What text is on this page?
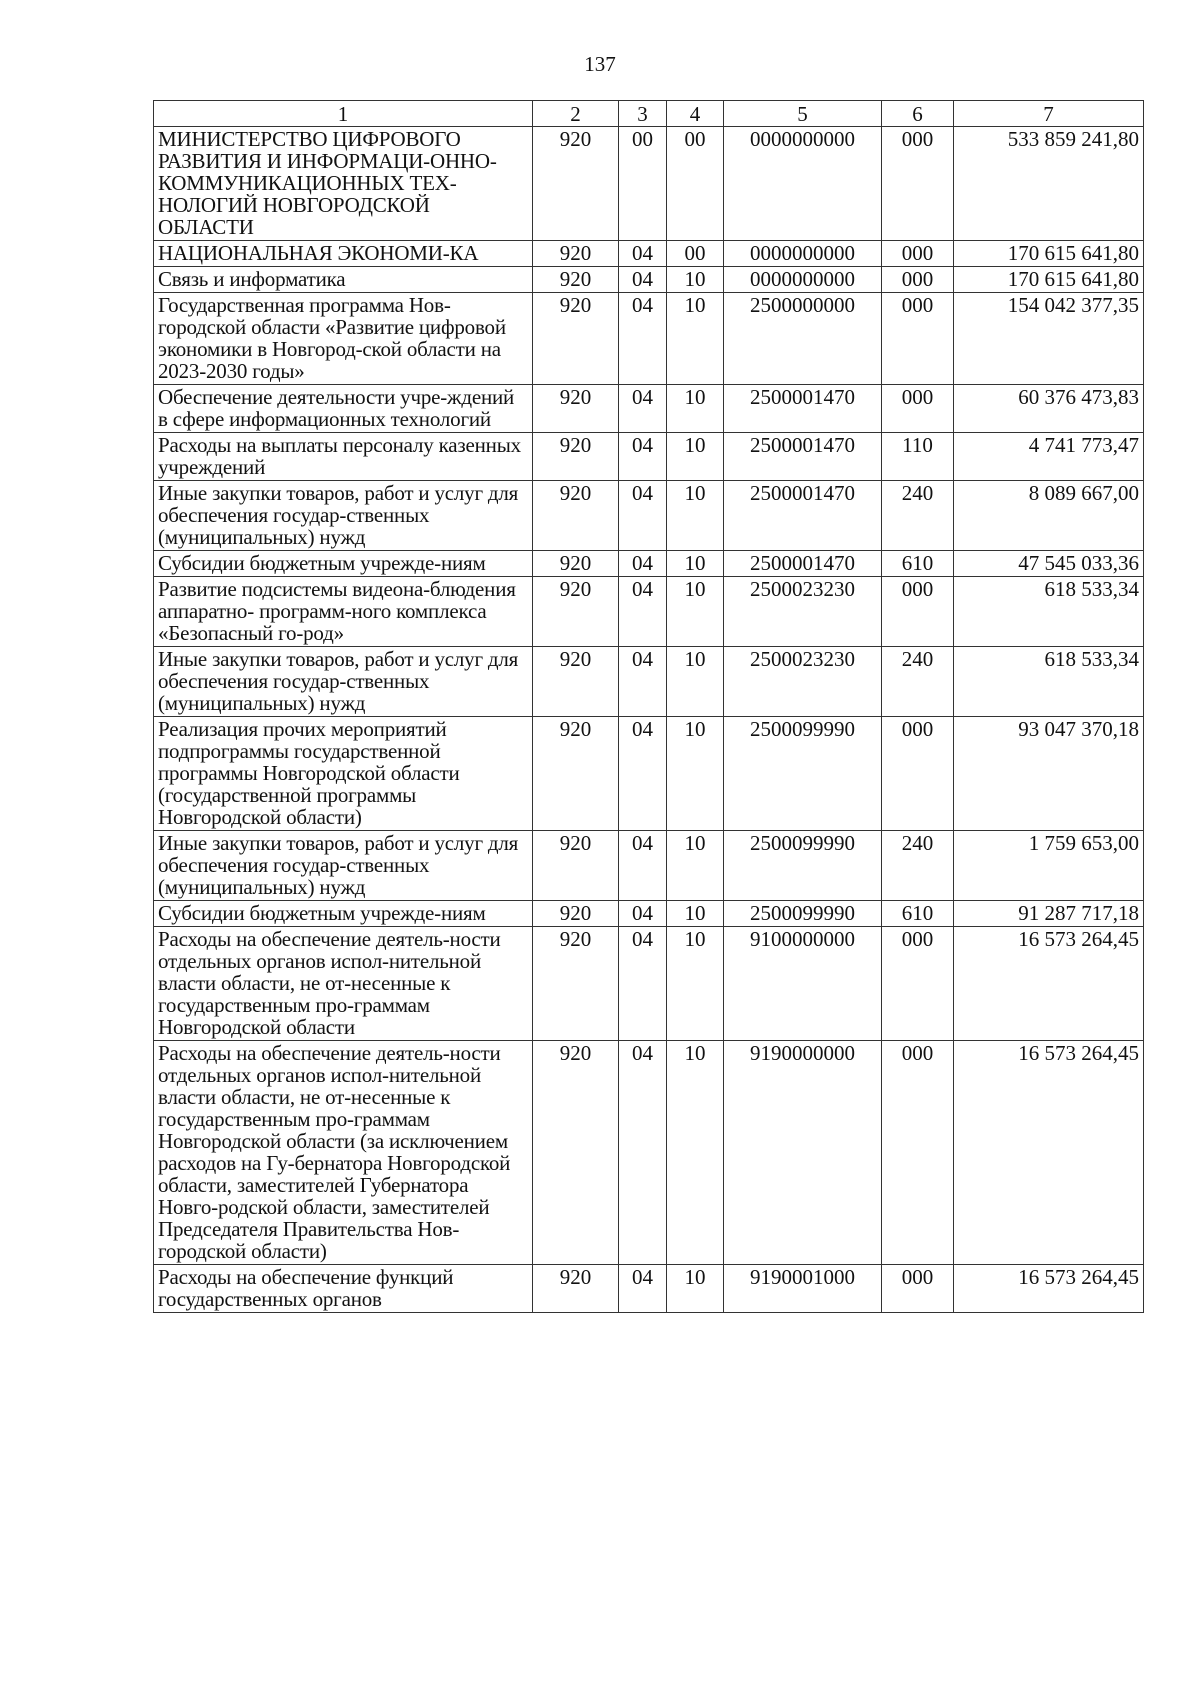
137
1	2	3	4	5	6	7
МИНИСТЕРСТВО ЦИФРОВОГО РАЗВИТИЯ И ИНФОРМАЦИ-ОННО-КОММУНИКАЦИОННЫХ ТЕХ-НОЛОГИЙ НОВГОРОДСКОЙ ОБЛАСТИ	920	00	00	0000000000	000	533 859 241,80
НАЦИОНАЛЬНАЯ ЭКОНОМИ-КА	920	04	00	0000000000	000	170 615 641,80
Связь и информатика	920	04	10	0000000000	000	170 615 641,80
Государственная программа Нов-городской области «Развитие цифровой экономики в Новгород-ской области на 2023-2030 годы»	920	04	10	2500000000	000	154 042 377,35
Обеспечение деятельности учре-ждений в сфере информационных технологий	920	04	10	2500001470	000	60 376 473,83
Расходы на выплаты персоналу казенных учреждений	920	04	10	2500001470	110	4 741 773,47
Иные закупки товаров, работ и услуг для обеспечения государ-ственных (муниципальных) нужд	920	04	10	2500001470	240	8 089 667,00
Субсидии бюджетным учрежде-ниям	920	04	10	2500001470	610	47 545 033,36
Развитие подсистемы видеона-блюдения аппаратно- программ-ного комплекса «Безопасный го-род»	920	04	10	2500023230	000	618 533,34
Иные закупки товаров, работ и услуг для обеспечения государ-ственных (муниципальных) нужд	920	04	10	2500023230	240	618 533,34
Реализация прочих мероприятий подпрограммы государственной программы Новгородской области (государственной программы Новгородской области)	920	04	10	2500099990	000	93 047 370,18
Иные закупки товаров, работ и услуг для обеспечения государ-ственных (муниципальных) нужд	920	04	10	2500099990	240	1 759 653,00
Субсидии бюджетным учрежде-ниям	920	04	10	2500099990	610	91 287 717,18
Расходы на обеспечение деятель-ности отдельных органов испол-нительной власти области, не от-несенные к государственным про-граммам Новгородской области	920	04	10	9100000000	000	16 573 264,45
Расходы на обеспечение деятель-ности отдельных органов испол-нительной власти области, не от-несенные к государственным про-граммам Новгородской области (за исключением расходов на Гу-бернатора Новгородской области, заместителей Губернатора Новго-родской области, заместителей Председателя Правительства Нов-городской области)	920	04	10	9190000000	000	16 573 264,45
Расходы на обеспечение функций государственных органов	920	04	10	9190001000	000	16 573 264,45
